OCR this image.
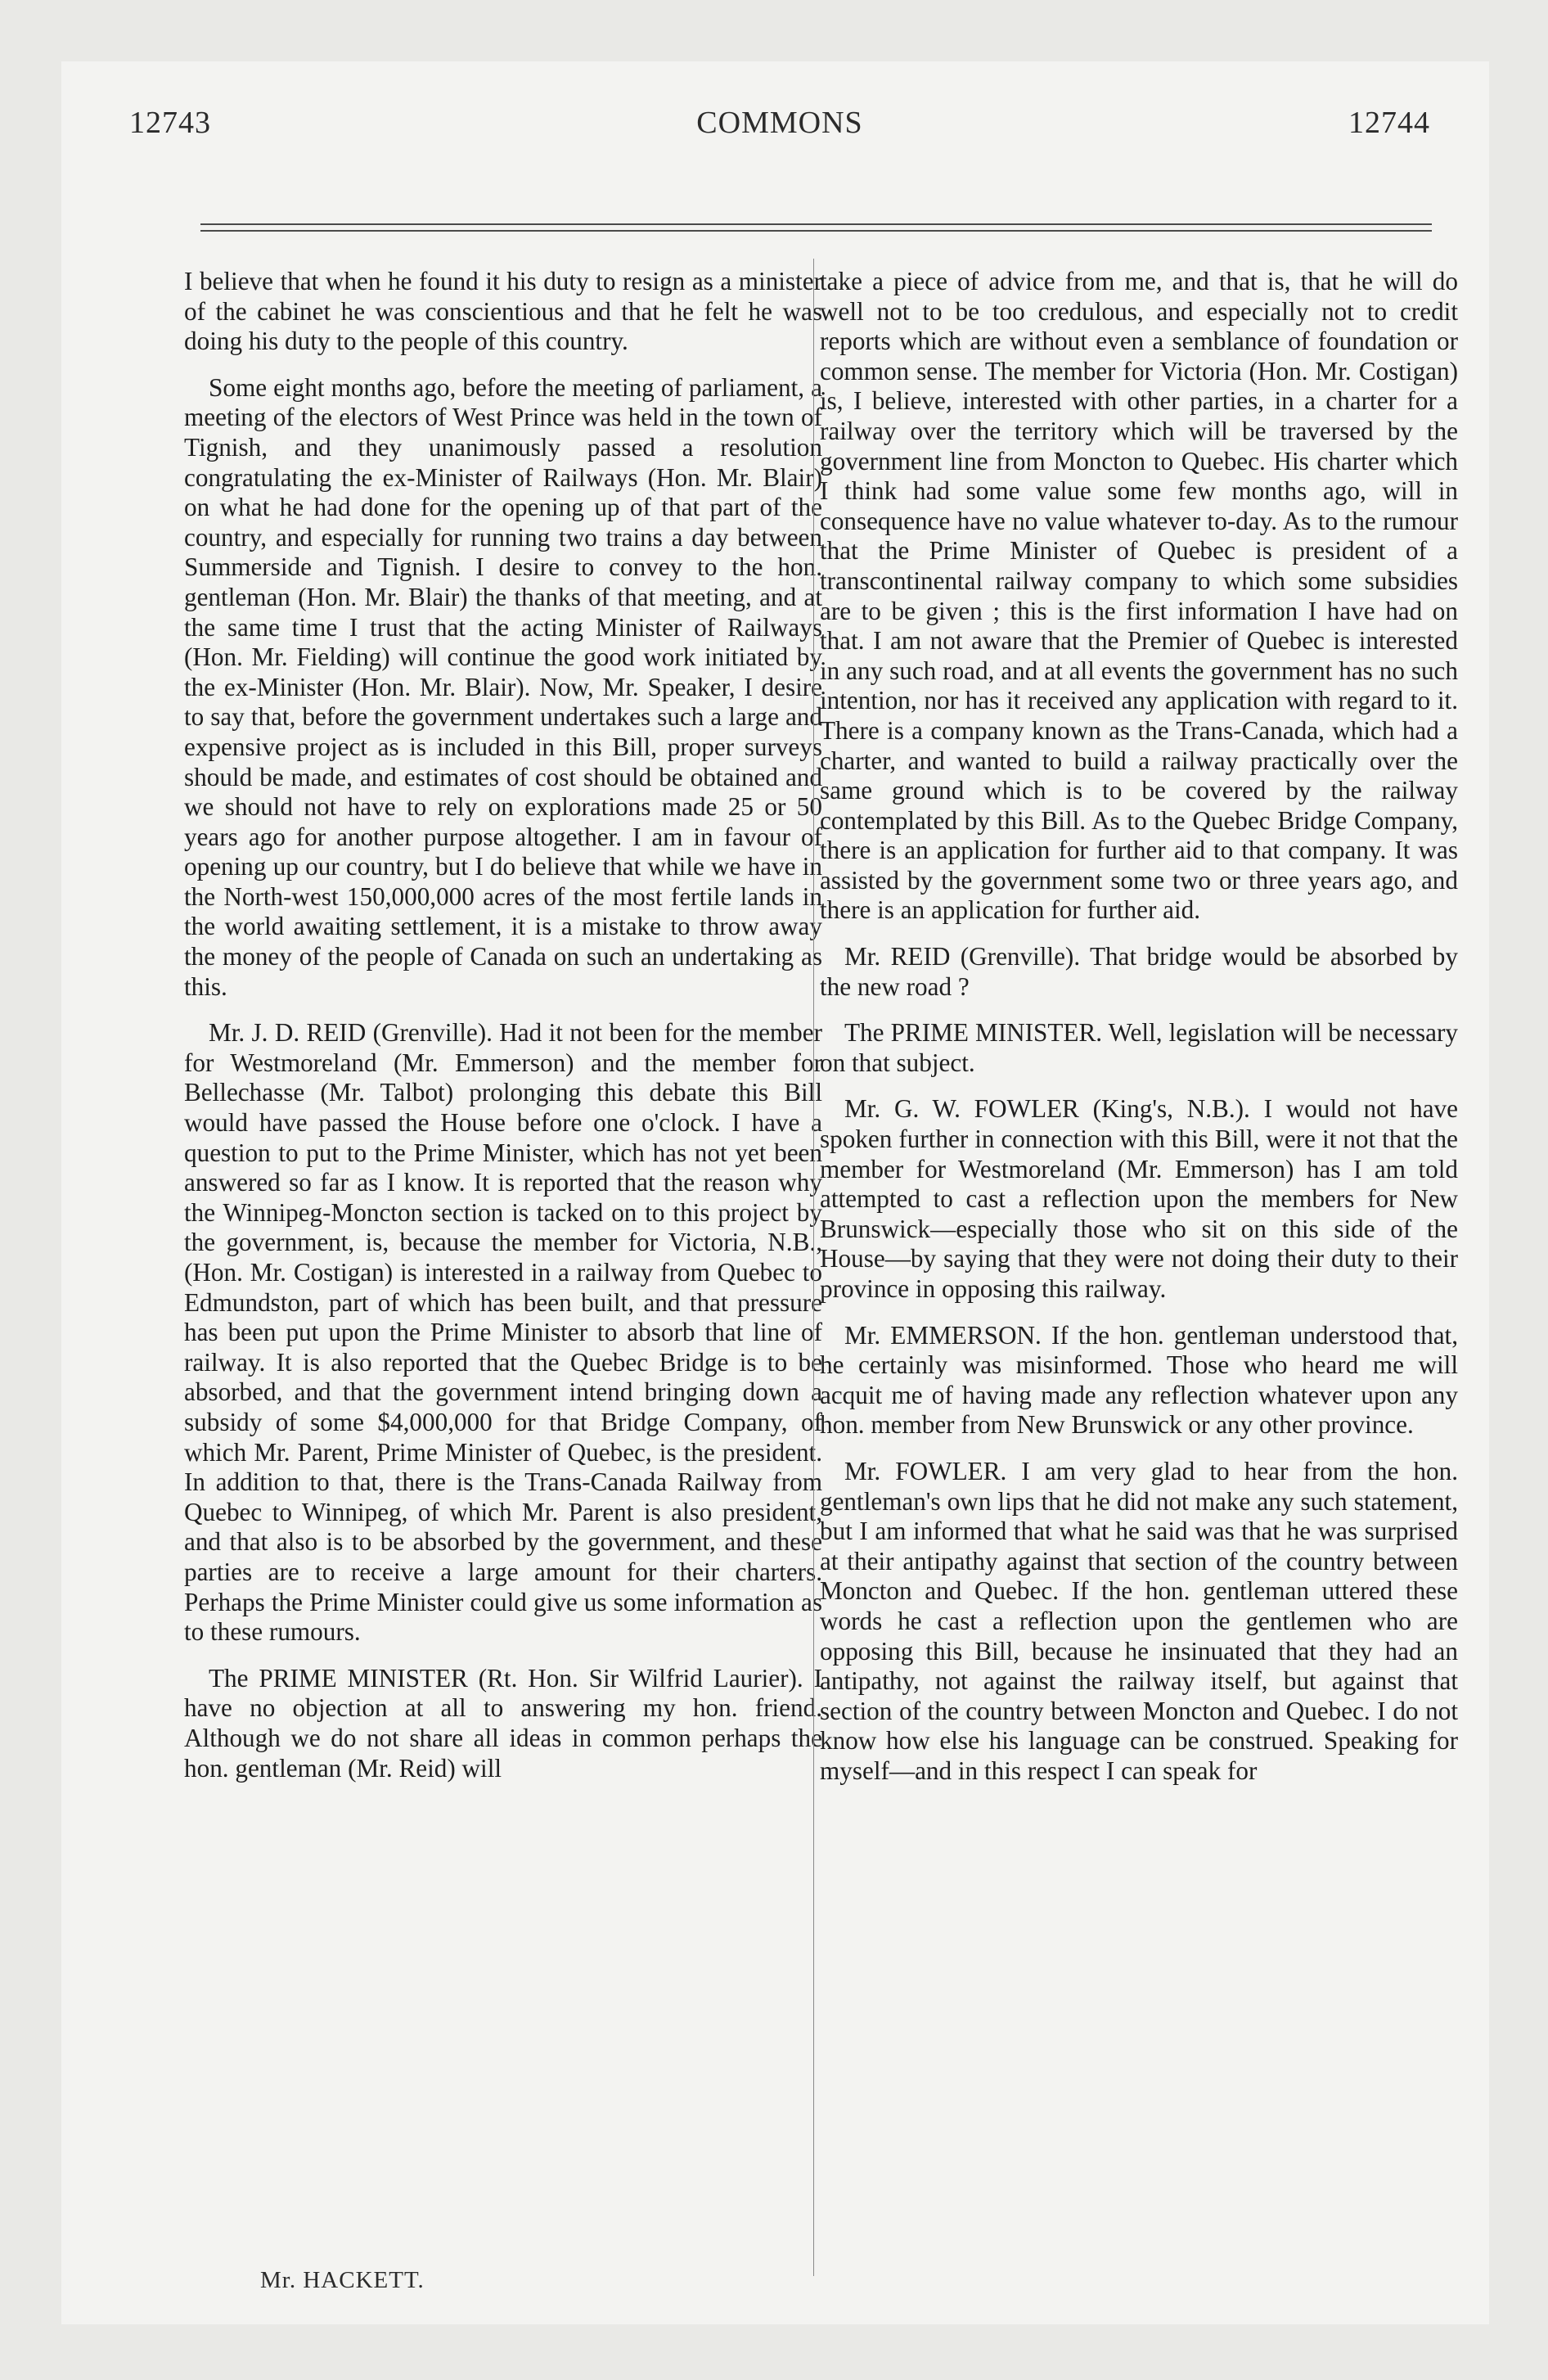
12743	COMMONS	12744

I believe that when he found it his duty to resign as a minister of the cabinet he was conscientious and that he felt he was doing his duty to the people of this country.

Some eight months ago, before the meeting of parliament, a meeting of the electors of West Prince was held in the town of Tignish, and they unanimously passed a resolution congratulating the ex-Minister of Railways (Hon. Mr. Blair) on what he had done for the opening up of that part of the country, and especially for running two trains a day between Summerside and Tignish. I desire to convey to the hon. gentleman (Hon. Mr. Blair) the thanks of that meeting, and at the same time I trust that the acting Minister of Railways (Hon. Mr. Fielding) will continue the good work initiated by the ex-Minister (Hon. Mr. Blair). Now, Mr. Speaker, I desire to say that, before the government undertakes such a large and expensive project as is included in this Bill, proper surveys should be made, and estimates of cost should be obtained and we should not have to rely on explorations made 25 or 50 years ago for another purpose altogether. I am in favour of opening up our country, but I do believe that while we have in the North-west 150,000,000 acres of the most fertile lands in the world awaiting settlement, it is a mistake to throw away the money of the people of Canada on such an undertaking as this.

Mr. J. D. REID (Grenville). Had it not been for the member for Westmoreland (Mr. Emmerson) and the member for Bellechasse (Mr. Talbot) prolonging this debate this Bill would have passed the House before one o'clock. I have a question to put to the Prime Minister, which has not yet been answered so far as I know. It is reported that the reason why the Winnipeg-Moncton section is tacked on to this project by the government, is, because the member for Victoria, N.B., (Hon. Mr. Costigan) is interested in a railway from Quebec to Edmundston, part of which has been built, and that pressure has been put upon the Prime Minister to absorb that line of railway. It is also reported that the Quebec Bridge is to be absorbed, and that the government intend bringing down a subsidy of some $4,000,000 for that Bridge Company, of which Mr. Parent, Prime Minister of Quebec, is the president. In addition to that, there is the Trans-Canada Railway from Quebec to Winnipeg, of which Mr. Parent is also president, and that also is to be absorbed by the government, and these parties are to receive a large amount for their charters. Perhaps the Prime Minister could give us some information as to these rumours.

The PRIME MINISTER (Rt. Hon. Sir Wilfrid Laurier). I have no objection at all to answering my hon. friend. Although we do not share all ideas in common perhaps the hon. gentleman (Mr. Reid) will

take a piece of advice from me, and that is, that he will do well not to be too credulous, and especially not to credit reports which are without even a semblance of foundation or common sense. The member for Victoria (Hon. Mr. Costigan) is, I believe, interested with other parties, in a charter for a railway over the territory which will be traversed by the government line from Moncton to Quebec. His charter which I think had some value some few months ago, will in consequence have no value whatever to-day. As to the rumour that the Prime Minister of Quebec is president of a transcontinental railway company to which some subsidies are to be given ; this is the first information I have had on that. I am not aware that the Premier of Quebec is interested in any such road, and at all events the government has no such intention, nor has it received any application with regard to it. There is a company known as the Trans-Canada, which had a charter, and wanted to build a railway practically over the same ground which is to be covered by the railway contemplated by this Bill. As to the Quebec Bridge Company, there is an application for further aid to that company. It was assisted by the government some two or three years ago, and there is an application for further aid.

Mr. REID (Grenville). That bridge would be absorbed by the new road ?

The PRIME MINISTER. Well, legislation will be necessary on that subject.

Mr. G. W. FOWLER (King's, N.B.). I would not have spoken further in connection with this Bill, were it not that the member for Westmoreland (Mr. Emmerson) has I am told attempted to cast a reflection upon the members for New Brunswick—especially those who sit on this side of the House—by saying that they were not doing their duty to their province in opposing this railway.

Mr. EMMERSON. If the hon. gentleman understood that, he certainly was misinformed. Those who heard me will acquit me of having made any reflection whatever upon any hon. member from New Brunswick or any other province.

Mr. FOWLER. I am very glad to hear from the hon. gentleman's own lips that he did not make any such statement, but I am informed that what he said was that he was surprised at their antipathy against that section of the country between Moncton and Quebec. If the hon. gentleman uttered these words he cast a reflection upon the gentlemen who are opposing this Bill, because he insinuated that they had an antipathy, not against the railway itself, but against that section of the country between Moncton and Quebec. I do not know how else his language can be construed. Speaking for myself—and in this respect I can speak for

Mr. HACKETT.
